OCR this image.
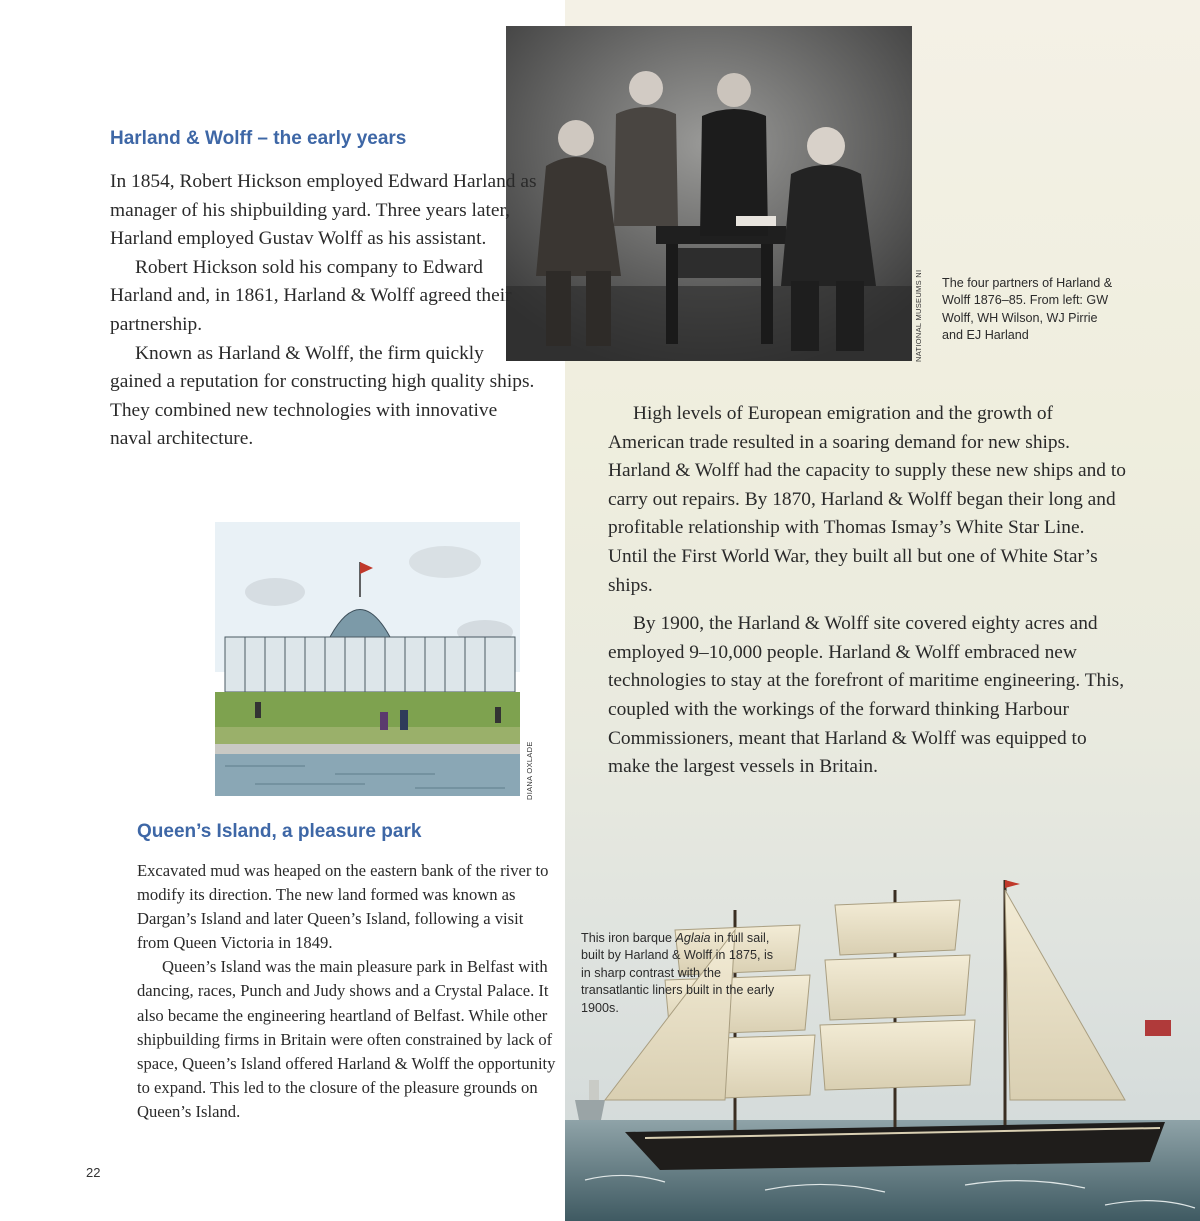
NATIONAL MUSEUMS NI The four partners of Harland & Wolff 1876–85. From left: GW Wolff, WH Wilson, WJ Pirrie and EJ Harland

Harland & Wolff – the early years

In 1854, Robert Hickson employed Edward Harland as manager of his shipbuilding yard. Three years later, Harland employed Gustav Wolff as his assistant.

Robert Hickson sold his company to Edward Harland and, in 1861, Harland & Wolff agreed their partnership.

Known as Harland & Wolff, the firm quickly gained a reputation for constructing high quality ships. They combined new technologies with innovative naval architecture.

High levels of European emigration and the growth of American trade resulted in a soaring demand for new ships. Harland & Wolff had the capacity to supply these new ships and to carry out repairs. By 1870, Harland & Wolff began their long and profitable relationship with Thomas Ismay’s White Star Line. Until the First World War, they built all but one of White Star’s ships.

By 1900, the Harland & Wolff site covered eighty acres and employed 9–10,000 people. Harland & Wolff embraced new technologies to stay at the forefront of maritime engineering. This, coupled with the workings of the forward thinking Harbour Commissioners, meant that Harland & Wolff was equipped to make the largest vessels in Britain.

DIANA OXLADE
Queen’s Island, a pleasure park

Excavated mud was heaped on the eastern bank of the river to modify its direction. The new land formed was known as Dargan’s Island and later Queen’s Island, following a visit from Queen Victoria in 1849.

Queen’s Island was the main pleasure park in Belfast with dancing, races, Punch and Judy shows and a Crystal Palace. It also became the engineering heartland of Belfast. While other shipbuilding firms in Britain were often constrained by lack of space, Queen’s Island offered Harland & Wolff the opportunity to expand. This led to the closure of the pleasure grounds on Queen’s Island.

This iron barque Aglaia in full sail, built by Harland & Wolff in 1875, is in sharp contrast with the transatlantic liners built in the early 1900s.

22
